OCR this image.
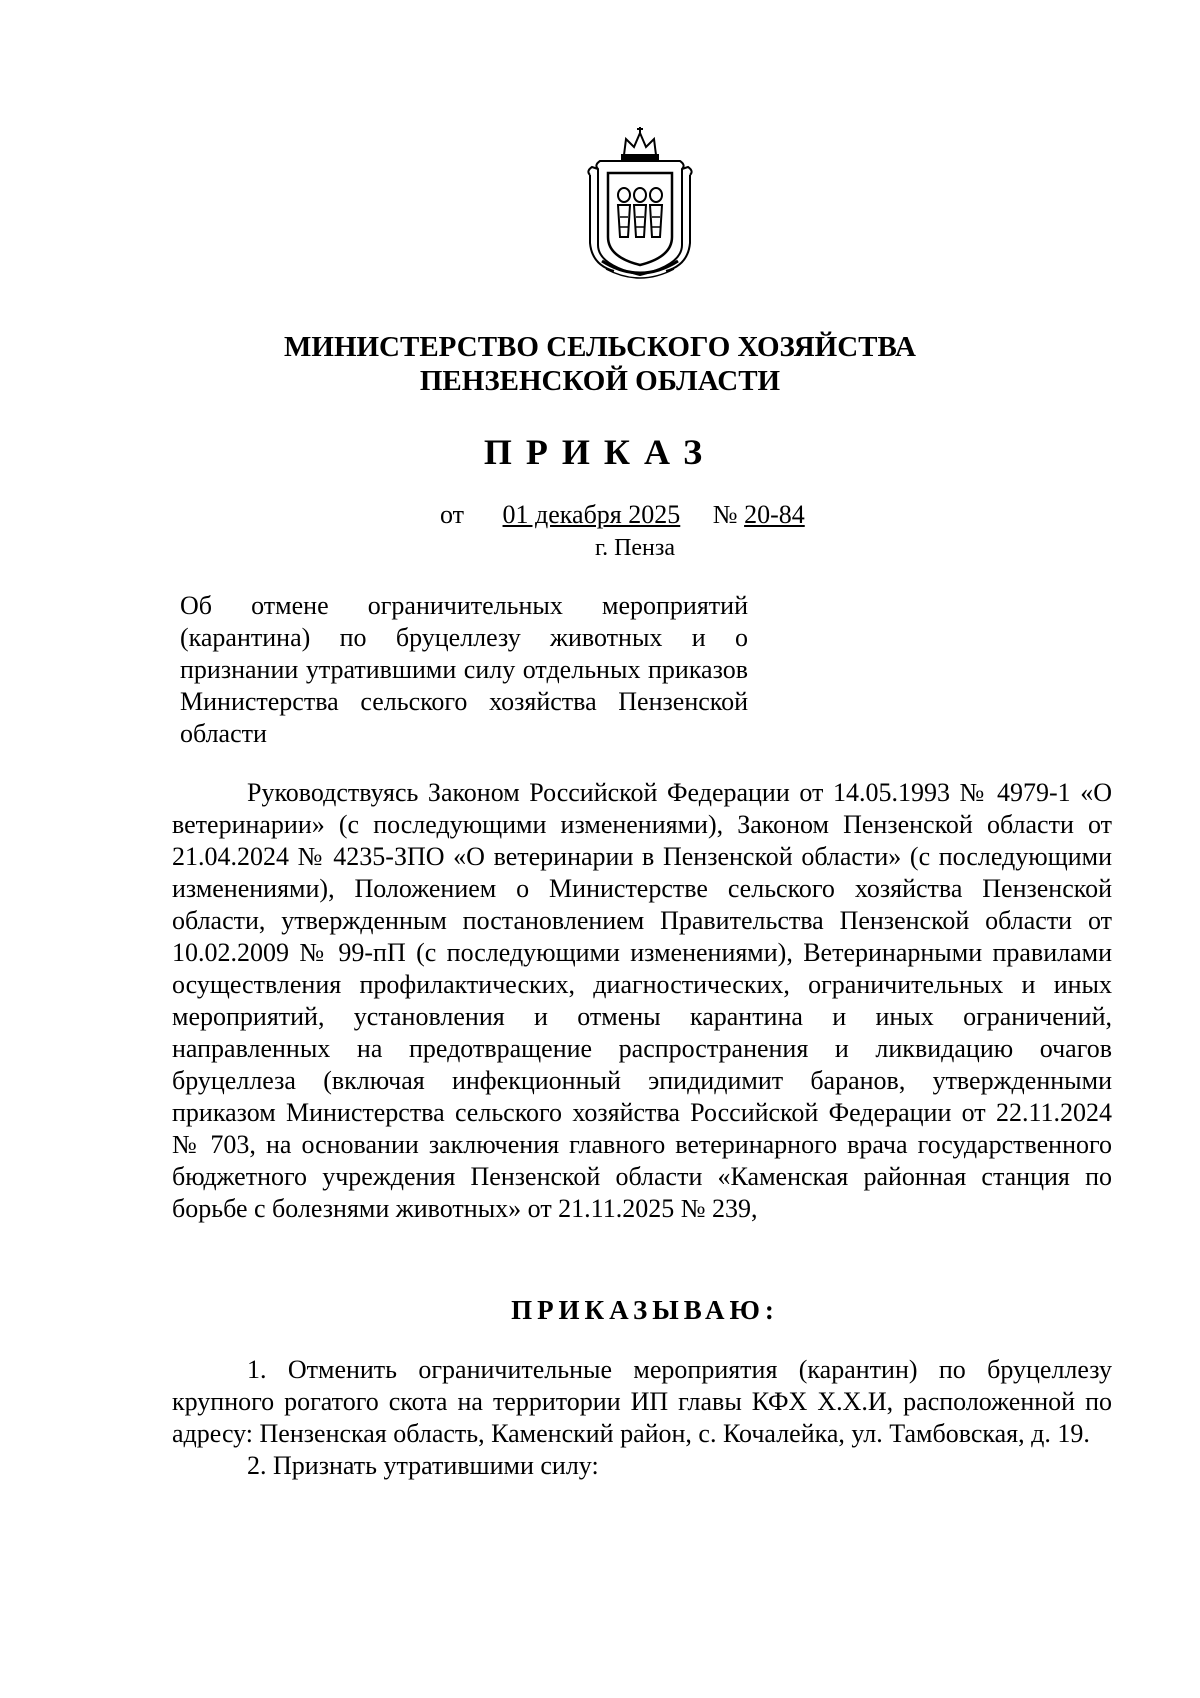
МИНИСТЕРСТВО СЕЛЬСКОГО ХОЗЯЙСТВА
ПЕНЗЕНСКОЙ ОБЛАСТИ
ПРИКАЗ
от 01 декабря 2025 № 20-84
г. Пенза
Об отмене ограничительных мероприятий (карантина) по бруцеллезу животных и о признании утратившими силу отдельных приказов Министерства сельского хозяйства Пензенской области

Руководствуясь Законом Российской Федерации от 14.05.1993 № 4979-1 «О ветеринарии» (с последующими изменениями), Законом Пензенской области от 21.04.2024 № 4235-ЗПО «О ветеринарии в Пензенской области» (с последующими изменениями), Положением о Министерстве сельского хозяйства Пензенской области, утвержденным постановлением Правительства Пензенской области от 10.02.2009 № 99-пП (с последующими изменениями), Ветеринарными правилами осуществления профилактических, диагностических, ограничительных и иных мероприятий, установления и отмены карантина и иных ограничений, направленных на предотвращение распространения и ликвидацию очагов бруцеллеза (включая инфекционный эпидидимит баранов, утвержденными приказом Министерства сельского хозяйства Российской Федерации от 22.11.2024 № 703, на основании заключения главного ветеринарного врача государственного бюджетного учреждения Пензенской области «Каменская районная станция по борьбе с болезнями животных» от 21.11.2025 № 239,

ПРИКАЗЫВАЮ:

1. Отменить ограничительные мероприятия (карантин) по бруцеллезу крупного рогатого скота на территории ИП главы КФХ Х.Х.И, расположенной по адресу: Пензенская область, Каменский район, с. Кочалейка, ул. Тамбовская, д. 19.

2. Признать утратившими силу:
